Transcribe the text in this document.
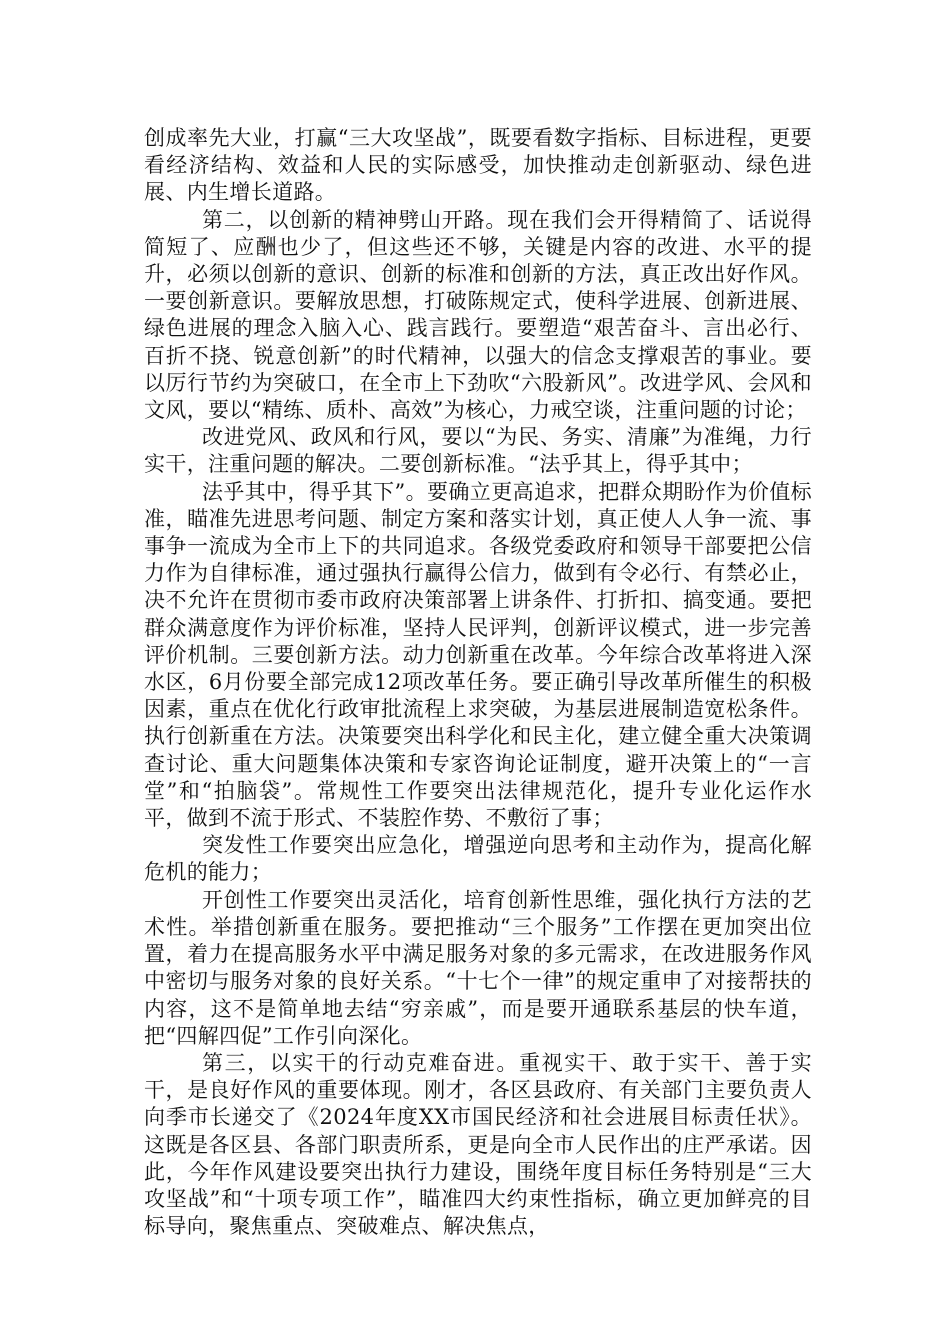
创成率先大业，打赢“三大攻坚战”，既要看数字指标、目标进程，更要看经济结构、效益和人民的实际感受，加快推动走创新驱动、绿色进展、内生增长道路。

第二，以创新的精神劈山开路。现在我们会开得精简了、话说得简短了、应酬也少了，但这些还不够，关键是内容的改进、水平的提升，必须以创新的意识、创新的标准和创新的方法，真正改出好作风。一要创新意识。要解放思想，打破陈规定式，使科学进展、创新进展、绿色进展的理念入脑入心、践言践行。要塑造“艰苦奋斗、言出必行、百折不挠、锐意创新”的时代精神，以强大的信念支撑艰苦的事业。要以厉行节约为突破口，在全市上下劲吹“六股新风”。改进学风、会风和文风，要以“精练、质朴、高效”为核心，力戒空谈，注重问题的讨论；

改进党风、政风和行风，要以“为民、务实、清廉”为准绳，力行实干，注重问题的解决。二要创新标准。“法乎其上，得乎其中；

法乎其中，得乎其下”。要确立更高追求，把群众期盼作为价值标准，瞄准先进思考问题、制定方案和落实计划，真正使人人争一流、事事争一流成为全市上下的共同追求。各级党委政府和领导干部要把公信力作为自律标准，通过强执行赢得公信力，做到有令必行、有禁必止，决不允许在贯彻市委市政府决策部署上讲条件、打折扣、搞变通。要把群众满意度作为评价标准，坚持人民评判，创新评议模式，进一步完善评价机制。三要创新方法。动力创新重在改革。今年综合改革将进入深水区，6月份要全部完成12项改革任务。要正确引导改革所催生的积极因素，重点在优化行政审批流程上求突破，为基层进展制造宽松条件。执行创新重在方法。决策要突出科学化和民主化，建立健全重大决策调查讨论、重大问题集体决策和专家咨询论证制度，避开决策上的“一言堂”和“拍脑袋”。常规性工作要突出法律规范化，提升专业化运作水平，做到不流于形式、不装腔作势、不敷衍了事；

突发性工作要突出应急化，增强逆向思考和主动作为，提高化解危机的能力；

开创性工作要突出灵活化，培育创新性思维，强化执行方法的艺术性。举措创新重在服务。要把推动“三个服务”工作摆在更加突出位置，着力在提高服务水平中满足服务对象的多元需求，在改进服务作风中密切与服务对象的良好关系。“十七个一律”的规定重申了对接帮扶的内容，这不是简单地去结“穷亲戚”，而是要开通联系基层的快车道，把“四解四促”工作引向深化。

第三，以实干的行动克难奋进。重视实干、敢于实干、善于实干，是良好作风的重要体现。刚才，各区县政府、有关部门主要负责人向季市长递交了《2024年度XX市国民经济和社会进展目标责任状》。这既是各区县、各部门职责所系，更是向全市人民作出的庄严承诺。因此，今年作风建设要突出执行力建设，围绕年度目标任务特别是“三大攻坚战”和“十项专项工作”，瞄准四大约束性指标，确立更加鲜亮的目标导向，聚焦重点、突破难点、解决焦点，
